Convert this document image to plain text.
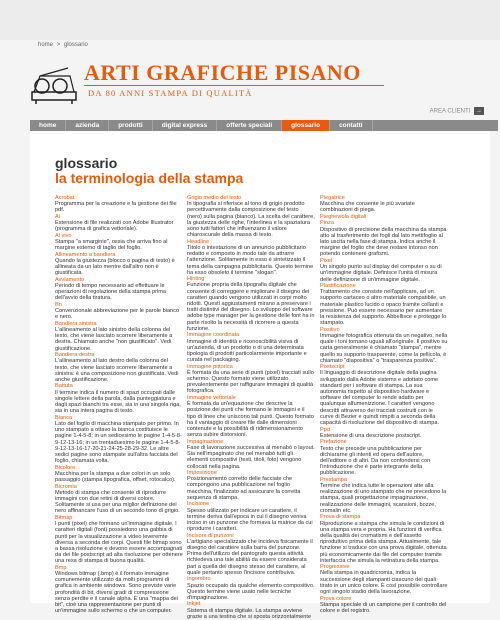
home > glossario
ARTI GRAFICHE PISANO
DA 80 ANNI STAMPA DI QUALITÀ
AREA CLIENTI →
home	azienda	prodotti	digital express	offerte speciali	glossario	contatti
glossario
la terminologia della stampa
Acrobat
Programma per la creazione e la gestione dei file pdf.
Ai
Estensione di file realizzati con Adobe Illustrator (programma di grafica vettoriale).
Al vivo
Stampa "a smarginie", ossia che arriva fino al margine esterno di taglio del foglio.
Allineamento a bandiera
Quando la giustezza (blocco o pagina di testo) è allineata da un lato mentre dall'altro non è giustificata.
Avviamento
Periodo di tempo necessario ad effettuare le operazioni di regolazione della stampa prima dell'avvio della tiratura.
Bn
Convenzionale abbreviazione per le parole bianco e nero.
Bandiera sinistra
L'allineamento al lato sinistro della colonna del testo, che viene lasciato scorrere liberamente a destra. Chiamato anche "non giustificato". Vedi giustificazione.
Bandiera destra
L'allineamento al lato destro della colonna del testo, che viene lasciato scorrere liberamente a sinistra: è una composizione non giustificata. Vedi anche giustificazione.
Battuta
Il termine indica il numero di spazi occupati dalle singole lettere della parola, dalla punteggiatura e dagli spazi bianchi tra esse, sia in una singola riga, sia in una intera pagina di testo.
Bianca
Lato del foglio di macchina stampato per primo. In uno stampato a ottavo la bianca costituisce le pagine 1-4-5-8; in un sedicesimo le pagine 1-4-5-8-9-12-13-16; in un trentaduesimo le pagine 1-4-5-8-9-12-13-16-17-20-21-24-25-28-29-32. Le altre sedici pagine sono stampate sull'altra facciata del foglio, chiamata volta.
Bicolore
Macchina per la stampa a due colori in un solo passaggio (stampa tipografica, offset, rotocalco).
Bicromia
Metodo di stampa che consente di riprodurre immagini con due retini di diversi colore. Solitamente si usa per una miglior definizione del nero affinancare l'uso di un secondo tono di grigio.
Bitmap
I punti (pixel) che formano un'immagine digitale. I caratteri digitali (font) possiedono una gabbia di punti per la visualizzazione a video leveremte diversa a seconda dei corpi. Questi file bimap sono a bassa risoluzione e devono essere accompagnati da dei file postscript ad alta risoluzione per ottenere una resa di stampa di buona qualità.
Bmp
Windows bitmap (.bmp) è il formato immagine comunemente utilizzato da molti programmi di grafica in ambiente windows. Sono previste varie profondità di bit, diversi gradi di compressione senza perdite e il canale alpha. È una "mappa dei bit", cioè una rappresentazione per punti di un'immagine sullo schermo o che un computer.
Grigio medio del testo
In tipografia si riferisce al tono di grigio prodotto percettivamente dalla composizione del testo (nero) sulla pagina (bianco). La scelta del carattere, la giustezza delle righe, l'interlinea e la spaziatura sono tutti fattori che influenzano il valore chiaroscurale della massa di testo.
Headline
Titolo o intestazione di un annuncio pubblicitario redatto e composto in modo tale da attrarre l'attenzione. Solitamente in esso è sintetizzato il tema della campagna pubblicitaria. Questo termine ha esso obsoleto il termine "slogan".
Hinting
Funzione propria della tipografia digitale che consente di correggere e migliorare il disegno dei caratteri quando vengono utilizzati in corpi molto ridotti. Questi aggiustamenti mirano a preservare i tratti distintivi del disegno. Lo sviluppo del software adobe type manager per la gestione delle font ha in parte risolto la necessità di ricorrere a questa funzione.
Immagine coordinata
Immagine di identità e riconoscibilità visiva di un'azienda, di un prodotto o di una determinata tipologia di prodotti particolarmente importante e curata nel packaging.
Immagine pittorica
È formata da una serie di punti (pixel) tracciati sullo schermo. Questo formato viene utilizzato prevalentemente per raffigurare immagini di qualità fotografica.
Immagine vettoriale
È formata da un'equazione che descrive la posizione dei punti che formano le immagini e il tipo di linee che uniscono tali punti. Questo formato ha il vantaggio di creare file dalle dimensioni contenute e la possibilità di ridimensionamento senza subire distorsioni.
Impaginazione
Fase di lavorazione successiva al menabò o layout. Sia nell'impaginato che nel menabò tutti gli elementi compositivi (testi, titoli, foto) vengono collocati nella pagina.
Imposizione
Posizionamento corretto delle facciate che compongono una pubblicazione nel foglio macchina, finalizzato ad assicurare la corretta sequenza di stampa.
Incisione
Spesso utilizzato per indicare un carattere, il termine deriva dall'epoca in cui il disegno veniva inciso in un punzone che formava la matrice da cui riprodurre i caratteri.
Incisore di punzoni
L'artigiano specializzato che incideva fisicamente il disegno del carattere sulla barra del punzone. Prima dell'utilizzo del pantografo questa attività richiedeva una tale abilità da essere considerata pari a quella del disegno stesso del carattere, al quale pertanto spesso l'incisore contribuiva.
Ingombro
Spazio occupato da qualche elemento compositivo. Questo termine viene usato nelle tecniche d'impaginazione.
Inkjet
Sistema di stampa digitale. La stampa avviene grazie a una testina che si sposta orizzontalmente
Piegatrice
Macchina che consente le più svariate combinazioni di piega.
Piegheviola digitali
Pinza
Dispositivo di precisione della macchina da stampa atto al trasferimento dei fogli dal lato mettifoglio al lato uscita nella fase di stampa. Indica anche il margine del foglio che deve restare intonso non potendo contenere grafismi.
Pixel
Un singolo punto sul display del computer o su di un'immagine digitale. Definisce l'unità di misura delle definizione di un'immagine digitale.
Plastificazione
Trattamento che consiste nell'applicare, ad un supporto cartaceo o altro materiale compatibile, un materiale plastico lucido o opaco tramite collanti e pressione. Può essere necessario per aumentare la resistenza del supporto. Abbellisce e protegge lo stampato.
Positivo
Immagine fotografica ottenuta da un negativo, nella quale i toni tornano uguali all'originale. Il positivo su carta generalmente è chiamato "stampa", mentre quello su supporto trasparente, come la pellicola, è chiamato "diapositiva" o "trasparenza positiva".
Postscript
Il linguaggio di descrizione digitale della pagina sviluppato dalla Adobe sistems e adottato come standard per i software di stampa. La sua autonomia rispetto al dispositivo hardware e software del computer lo rende adatto per qualunque alfumenizzione. I caratteri vengono descritti attraverso dei tracciati costruiti con le curve di Bezier e quindi rimpiti a seconda della capacità di risoluzione del dispositivo di stampa.
Ppd
Estensione di una descrizione postscript.
Prefazione
Testo che precede una pubblicazione per dichiararne gli intenti ed opera dell'autore, dell'editore o di altri. Da non confondersi con l'introduzione che è parte integrante della pubblicazione.
Prestampa
Termine che indica tutte le operazioni atte alla realizzazione di uno stampato che ne precedono la stampa, quali progettazione impaginazione, realizzazione delle immagini, scansioni, bozze, cromalin etc.
Prova di stampa
Riproduzione a stampa che simula le condizioni di una stampa vera e propria. Ha funzioni di verifica della qualità dei cromatismi e dell'assetto riproduttivo prima della stampa. Attualmente, tale funzione si traduce con una prova digitale, ottenuta più economicamente dai file del computer tramite interfaccia che simula la retinatura della stampa.
Progressive
Nella stampa in quadricromia, indica la successione degli stampanti ciascuno dei quali tirato in un unico colore. È così possibile controllare ogni singolo stadio della lavorazione.
Prova colore
Stampa speciale di un campione per il controllo del colore e del registro.
